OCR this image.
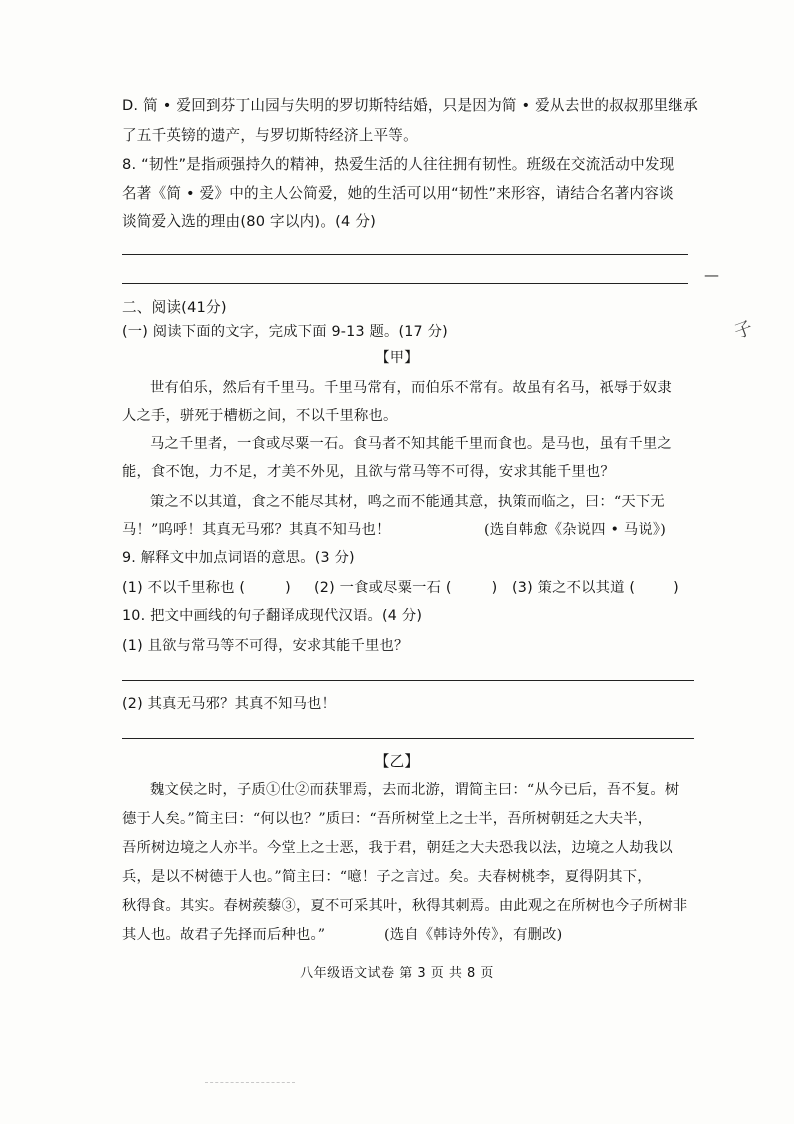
D. 简 • 爱回到芬丁山园与失明的罗切斯特结婚，只是因为简 • 爱从去世的叔叔那里继承
了五千英镑的遗产，与罗切斯特经济上平等。
8. “韧性”是指顽强持久的精神，热爱生活的人往往拥有韧性。班级在交流活动中发现
名著《简 • 爱》中的主人公简爱，她的生活可以用“韧性”来形容，请结合名著内容谈
谈简爱入选的理由(80 字以内)。(4 分)
—
子
二、阅读(41分)
(一) 阅读下面的文字，完成下面 9-13 题。(17 分)
【甲】
世有伯乐，然后有千里马。千里马常有，而伯乐不常有。故虽有名马，祇辱于奴隶
人之手，骈死于槽枥之间，不以千里称也。
马之千里者，一食或尽粟一石。食马者不知其能千里而食也。是马也，虽有千里之
能，食不饱，力不足，才美不外见，且欲与常马等不可得，安求其能千里也？
策之不以其道，食之不能尽其材，鸣之而不能通其意，执策而临之，曰：“天下无
马！”呜呼！其真无马邪？其真不知马也！	(选自韩愈《杂说四 • 马说》)
9. 解释文中加点词语的意思。(3 分)
(1) 不以千里称也 (	) (2) 一食或尽粟一石 (	) (3) 策之不以其道 (	)
10. 把文中画线的句子翻译成现代汉语。(4 分)
(1) 且欲与常马等不可得，安求其能千里也？
(2) 其真无马邪？其真不知马也！
【乙】
魏文侯之时，子质①仕②而获罪焉，去而北游，谓简主曰：“从今已后，吾不复。树
德于人矣。”简主曰：“何以也？”质曰：“吾所树堂上之士半，吾所树朝廷之大夫半，
吾所树边境之人亦半。今堂上之士恶，我于君，朝廷之大夫恐我以法，边境之人劫我以
兵，是以不树德于人也。”简主曰：“噫！子之言过。矣。夫春树桃李，夏得阴其下，
秋得食。其实。春树蒺藜③，夏不可采其叶，秋得其刺焉。由此观之在所树也今子所树非
其人也。故君子先择而后种也。”	(选自《韩诗外传》，有删改)
八年级语文试卷 第 3 页 共 8 页
